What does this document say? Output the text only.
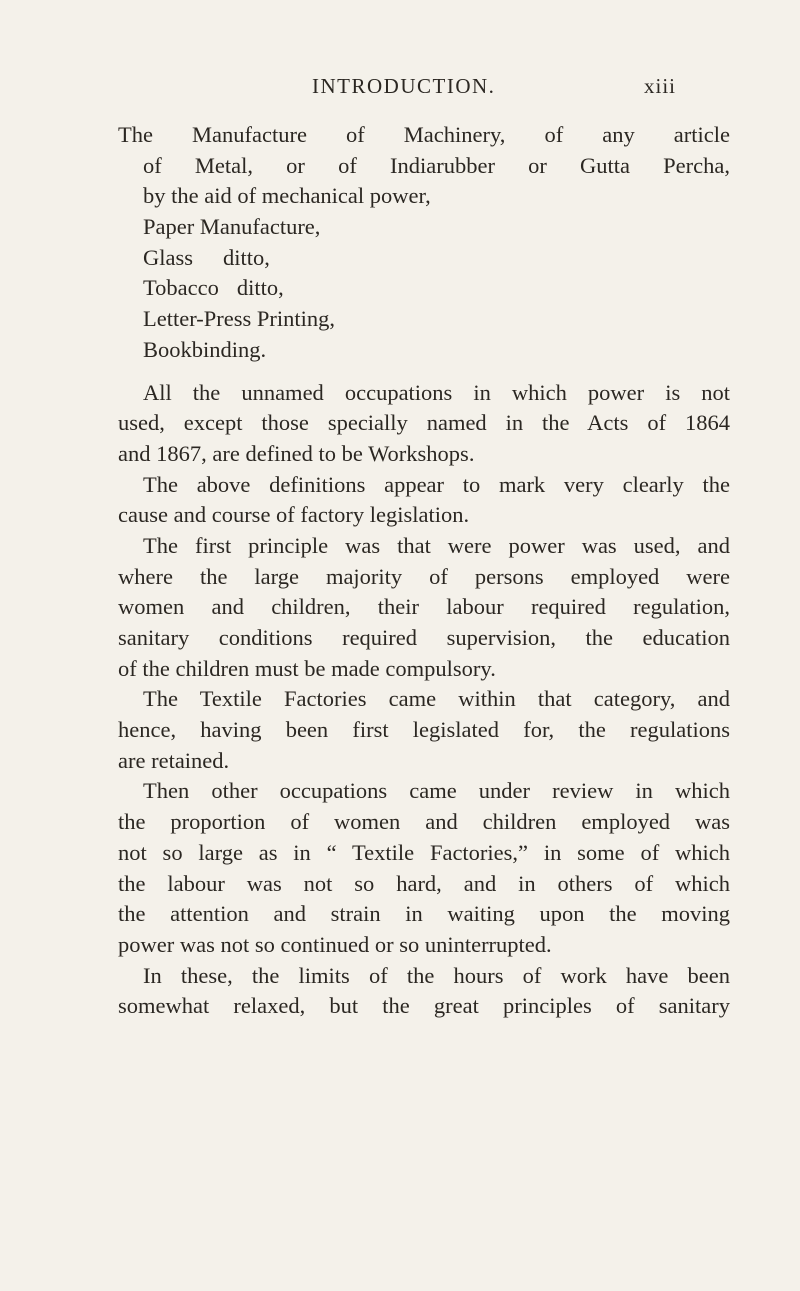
INTRODUCTION.	xiii
The Manufacture of Machinery, of any article
of Metal, or of Indiarubber or Gutta Percha,
by the aid of mechanical power,
Paper Manufacture,
Glass ditto,
Tobacco ditto,
Letter-Press Printing,
Bookbinding.
All the unnamed occupations in which power is not
used, except those specially named in the Acts of 1864
and 1867, are defined to be Workshops.
The above definitions appear to mark very clearly the
cause and course of factory legislation.
The first principle was that were power was used, and
where the large majority of persons employed were
women and children, their labour required regulation,
sanitary conditions required supervision, the education
of the children must be made compulsory.
The Textile Factories came within that category, and
hence, having been first legislated for, the regulations
are retained.
Then other occupations came under review in which
the proportion of women and children employed was
not so large as in “ Textile Factories,” in some of which
the labour was not so hard, and in others of which
the attention and strain in waiting upon the moving
power was not so continued or so uninterrupted.
In these, the limits of the hours of work have been
somewhat relaxed, but the great principles of sanitary
